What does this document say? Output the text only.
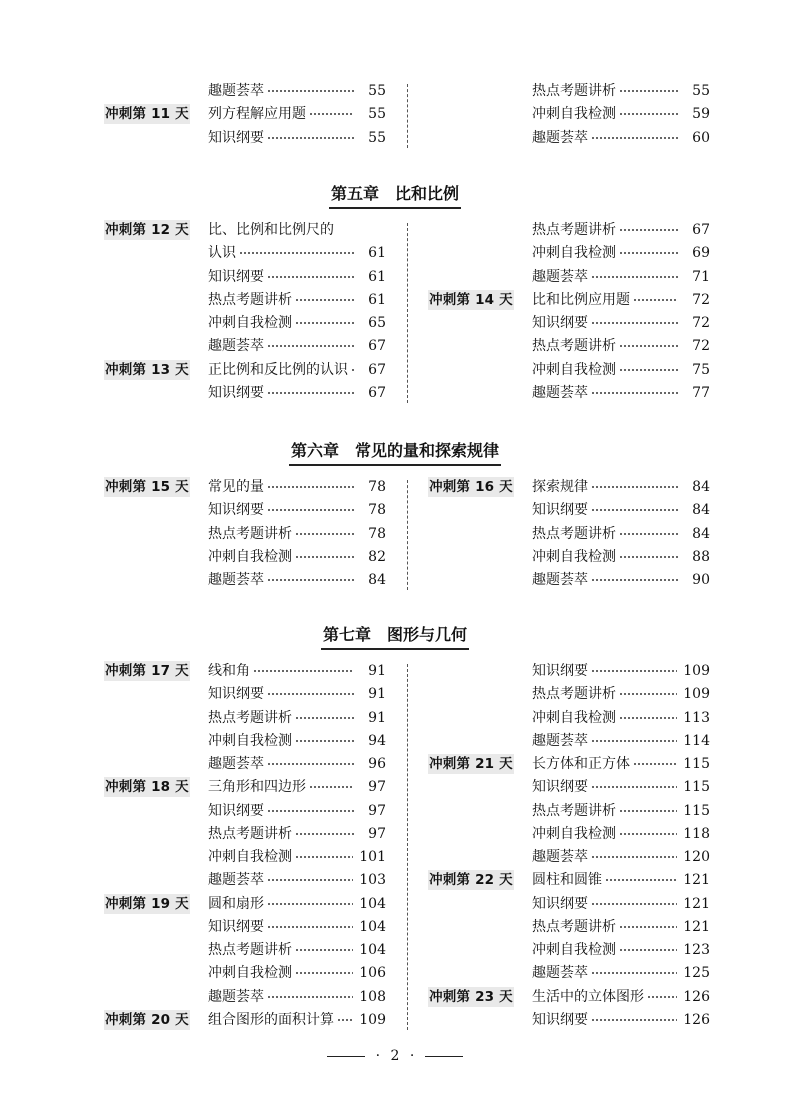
趣题荟萃	55
冲刺第 11 天 列方程解应用题	55
知识纲要	55
热点考题讲析	55
冲刺自我检测	59
趣题荟萃	60
第五章　比和比例
冲刺第 12 天 比、比例和比例尺的
认识	61
知识纲要	61
热点考题讲析	61
冲刺自我检测	65
趣题荟萃	67
冲刺第 13 天 正比例和反比例的认识	67
知识纲要	67
热点考题讲析	67
冲刺自我检测	69
趣题荟萃	71
冲刺第 14 天 比和比例应用题	72
知识纲要	72
热点考题讲析	72
冲刺自我检测	75
趣题荟萃	77
第六章　常见的量和探索规律
冲刺第 15 天 常见的量	78
知识纲要	78
热点考题讲析	78
冲刺自我检测	82
趣题荟萃	84
冲刺第 16 天 探索规律	84
知识纲要	84
热点考题讲析	84
冲刺自我检测	88
趣题荟萃	90
第七章　图形与几何
冲刺第 17 天 线和角	91
知识纲要	91
热点考题讲析	91
冲刺自我检测	94
趣题荟萃	96
冲刺第 18 天 三角形和四边形	97
知识纲要	97
热点考题讲析	97
冲刺自我检测	101
趣题荟萃	103
冲刺第 19 天 圆和扇形	104
知识纲要	104
热点考题讲析	104
冲刺自我检测	106
趣题荟萃	108
冲刺第 20 天 组合图形的面积计算 109
知识纲要	109
热点考题讲析	109
冲刺自我检测	113
趣题荟萃	114
冲刺第 21 天 长方体和正方体	115
知识纲要	115
热点考题讲析	115
冲刺自我检测	118
趣题荟萃	120
冲刺第 22 天 圆柱和圆锥	121
知识纲要	121
热点考题讲析	121
冲刺自我检测	123
趣题荟萃	125
冲刺第 23 天 生活中的立体图形	126
知识纲要	126
· 2 ·
